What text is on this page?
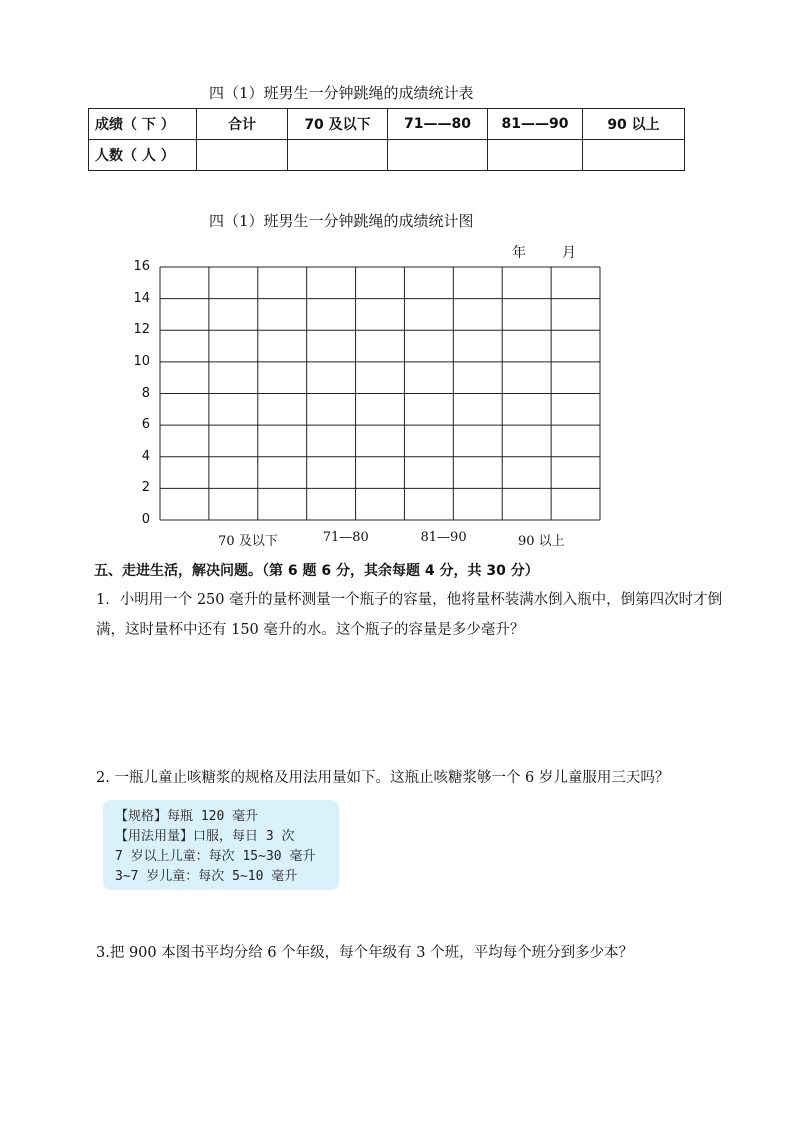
四（1）班男生一分钟跳绳的成绩统计表
成绩（ 下 ）	合计	70 及以下	71——80	81——90	90 以上
人数（ 人 ）					
四（1）班男生一分钟跳绳的成绩统计图
年	月
0
2
4
6
8
10
12
14
16
70 及以下	71—80	81—90	90 以上
五、走进生活，解决问题。（第 6 题 6 分，其余每题 4 分，共 30 分）
1．小明用一个 250 毫升的量杯测量一个瓶子的容量，他将量杯装满水倒入瓶中，倒第四次时才倒满，这时量杯中还有 150 毫升的水。这个瓶子的容量是多少毫升？
2. 一瓶儿童止咳糖浆的规格及用法用量如下。这瓶止咳糖浆够一个 6 岁儿童服用三天吗？
【规格】每瓶 120 毫升
【用法用量】口服，每日 3 次
7 岁以上儿童：每次 15~30 毫升
3~7 岁儿童：每次 5~10 毫升
3.把 900 本图书平均分给 6 个年级，每个年级有 3 个班，平均每个班分到多少本？
